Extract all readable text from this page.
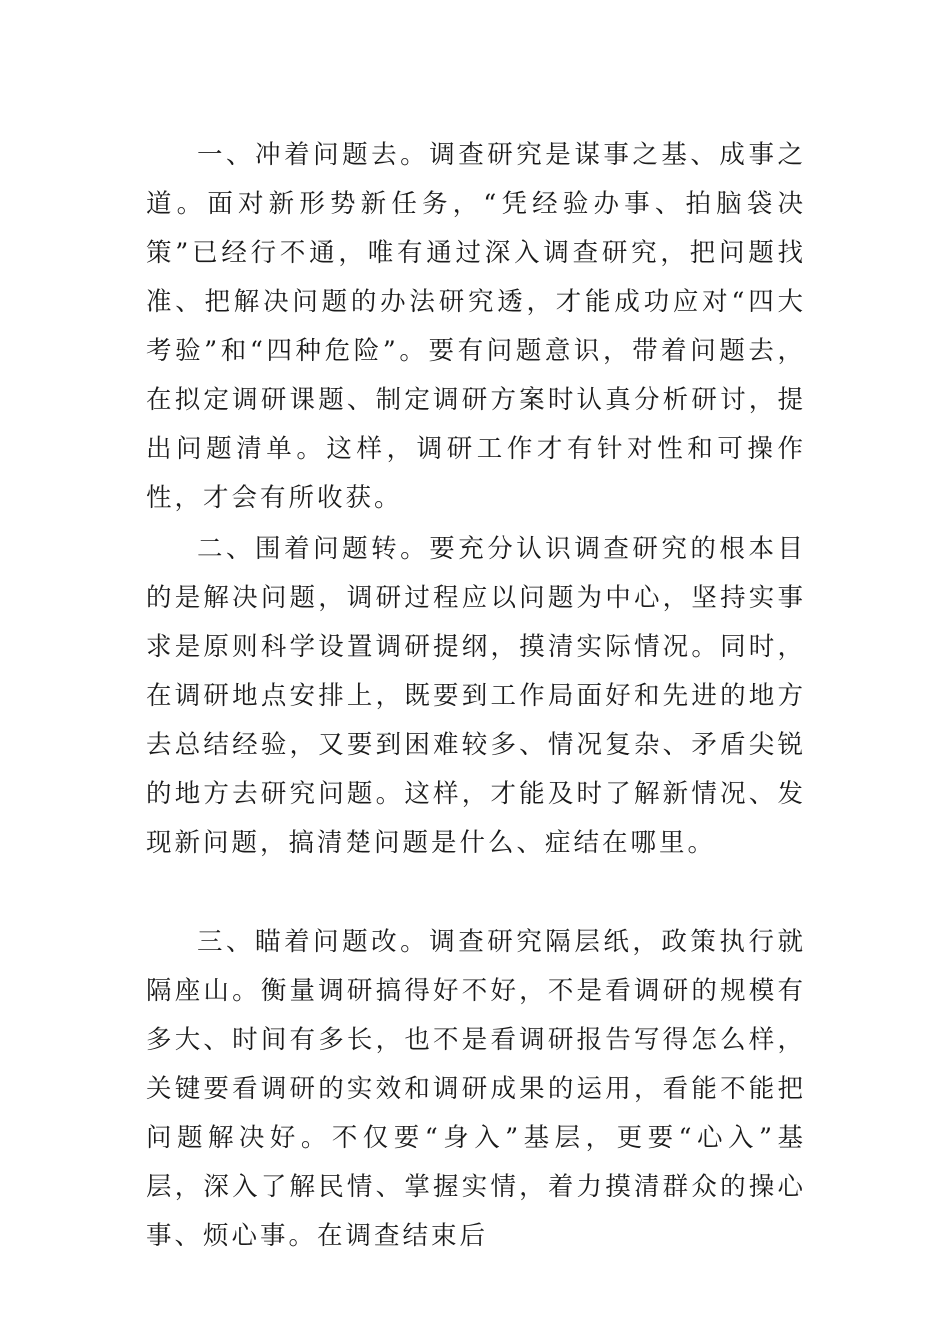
一、冲着问题去。调查研究是谋事之基、成事之道。面对新形势新任务，“凭经验办事、拍脑袋决策”已经行不通，唯有通过深入调查研究，把问题找准、把解决问题的办法研究透，才能成功应对“四大考验”和“四种危险”。要有问题意识，带着问题去，在拟定调研课题、制定调研方案时认真分析研讨，提出问题清单。这样，调研工作才有针对性和可操作性，才会有所收获。

二、围着问题转。要充分认识调查研究的根本目的是解决问题，调研过程应以问题为中心，坚持实事求是原则科学设置调研提纲，摸清实际情况。同时，在调研地点安排上，既要到工作局面好和先进的地方去总结经验，又要到困难较多、情况复杂、矛盾尖锐的地方去研究问题。这样，才能及时了解新情况、发现新问题，搞清楚问题是什么、症结在哪里。

三、瞄着问题改。调查研究隔层纸，政策执行就隔座山。衡量调研搞得好不好，不是看调研的规模有多大、时间有多长，也不是看调研报告写得怎么样，关键要看调研的实效和调研成果的运用，看能不能把问题解决好。不仅要“身入”基层，更要“心入”基层，深入了解民情、掌握实情，着力摸清群众的操心事、烦心事。在调查结束后
